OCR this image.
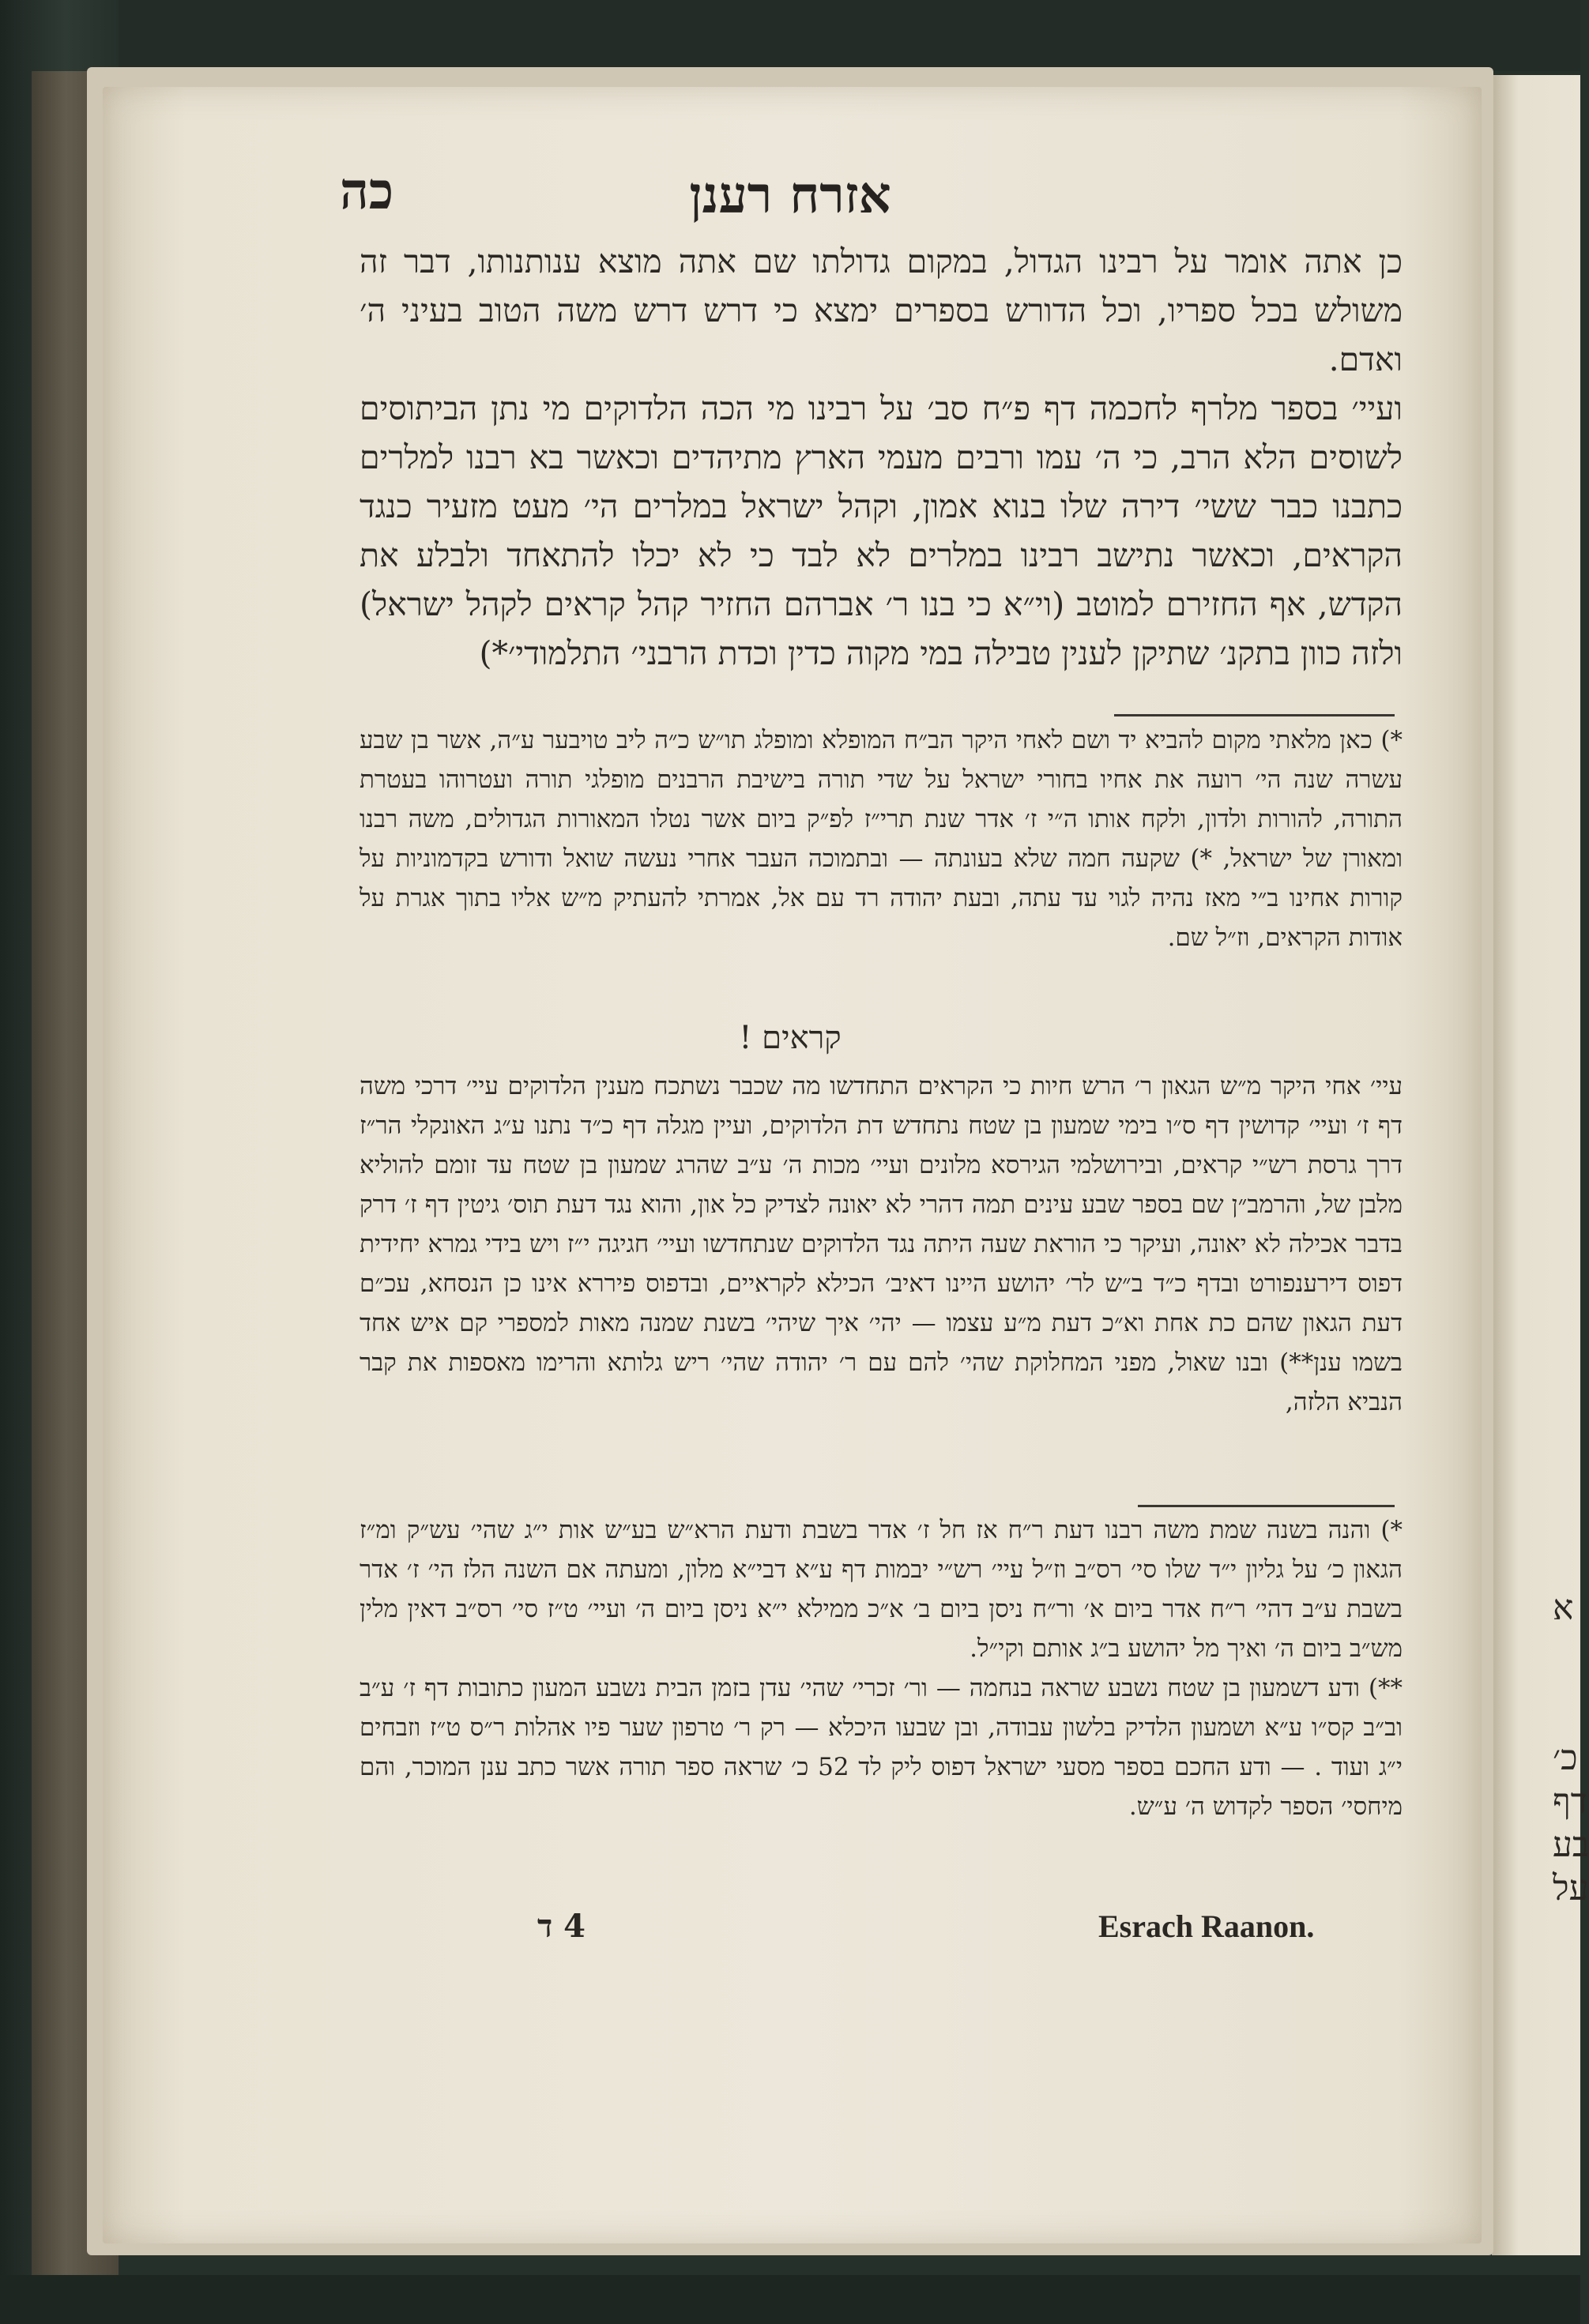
א
כ׳
דף
בע
על
כה	אזרח רענן

כן אתה אומר על רבינו הגדול, במקום גדולתו שם אתה מוצא ענותנותו, דבר זה משולש בכל ספריו, וכל הדורש בספרים ימצא כי דרש דרש משה הטוב בעיני ה׳ ואדם.

ועיי׳ בספר מלרף לחכמה דף פ״ח סב׳ על רבינו מי הכה הלדוקים מי נתן הביתוסים לשוסים הלא הרב, כי ה׳ עמו ורבים מעמי הארץ מתיהדים וכאשר בא רבנו למלרים כתבנו כבר ששי׳ דירה שלו בנוא אמון, וקהל ישראל במלרים הי׳ מעט מזעיר כנגד הקראים, וכאשר נתישב רבינו במלרים לא לבד כי לא יכלו להתאחד ולבלע את הקדש, אף החזירם למוטב (וי״א כי בנו ר׳ אברהם החזיר קהל קראים לקהל ישראל) ולזה כוון בתקנ׳ שתיקן לענין טבילה במי מקוה כדין וכדת הרבני׳ התלמודי׳*)

*) כאן מלאתי מקום להביא יד ושם לאחי היקר הב״ח המופלא ומופלג תו״ש כ״ה ליב טויבער ע״ה, אשר בן שבע עשרה שנה הי׳ רועה את אחיו בחורי ישראל על שדי תורה בישיבת הרבנים מופלגי תורה ועטרוהו בעטרת התורה, להורות ולדון, ולקח אותו ה״י ז׳ אדר שנת תרי״ז לפ״ק ביום אשר נטלו המאורות הגדולים, משה רבנו ומאורן של ישראל, *) שקעה חמה שלא בעונתה — ובתמוכה העבר אחרי נעשה שואל ודורש בקדמוניות על קורות אחינו ב״י מאז נהיה לגוי עד עתה, ובעת יהודה רד עם אל, אמרתי להעתיק מ״ש אליו בתוך אגרת על אודות הקראים, וז״ל שם.

קראים !

עיי׳ אחי היקר מ״ש הגאון ר׳ הרש חיות כי הקראים התחדשו מה שכבר נשתכח מענין הלדוקים עיי׳ דרכי משה דף ז׳ ועיי׳ קדושין דף ס״ו בימי שמעון בן שטח נתחדש דת הלדוקים, ועיין מגלה דף כ״ד נתנו ע״ג האונקלי הר״ז דרך גרסת רש״י קראים, ובירושלמי הגירסא מלונים ועיי׳ מכות ה׳ ע״ב שהרג שמעון בן שטח עד זומם להוליא מלבן של, והרמב״ן שם בספר שבע עינים תמה דהרי לא יאונה לצדיק כל און, והוא נגד דעת תוס׳ גיטין דף ז׳ דרק בדבר אכילה לא יאונה, ועיקר כי הוראת שעה היתה נגד הלדוקים שנתחדשו ועיי׳ חגיגה י״ז ויש בידי גמרא יחידית דפוס דירענפורט ובדף כ״ד ב״ש לר׳ יהושע היינו דאיב׳ הכילא לקראיים, ובדפוס פיררא אינו כן הנסחא, עכ״ם דעת הגאון שהם כת אחת וא״כ דעת מ״ע עצמו — יהי׳ איך שיהי׳ בשנת שמנה מאות למספרי קם איש אחד בשמו ענן**) ובנו שאול, מפני המחלוקת שהי׳ להם עם ר׳ יהודה שהי׳ ריש גלותא והרימו מאספות את קבר הנביא הלזה,

*) והנה בשנה שמת משה רבנו דעת ר״ח אז חל ז׳ אדר בשבת ודעת הרא״ש בע״ש אות י״ג שהי׳ עש״ק ומ״ז הגאון כ׳ על גליון י״ד שלו סי׳ רס״ב וז״ל עיי׳ רש״י יבמות דף ע״א דבי״א מלון, ומעתה אם השנה הלז הי׳ ז׳ אדר בשבת ע״ב דהי׳ ר״ח אדר ביום א׳ ור״ח ניסן ביום ב׳ א״כ ממילא י״א ניסן ביום ה׳ ועיי׳ ט״ז סי׳ רס״ב דאין מלין מש״ב ביום ה׳ ואיך מל יהושע ב״ג אותם וקי״ל.

**) ודע דשמעון בן שטח נשבע שראה בנחמה — ור׳ זכרי׳ שהי׳ עדן בזמן הבית נשבע המעון כתובות דף ז׳ ע״ב וב״ב קס״ו ע״א ושמעון הלדיק בלשון עבודה, ובן שבעו היכלא — רק ר׳ טרפון שער פיו אהלות ר״ס ט״ז וזבחים י״ג ועוד . — ודע החכם בספר מסעי ישראל דפוס ליק לד 52 כ׳ שראה ספר תורה אשר כתב ענן המוכר, והם מיחסי׳ הספר לקדוש ה׳ ע״ש.

4 ד	Esrach Raanon.
